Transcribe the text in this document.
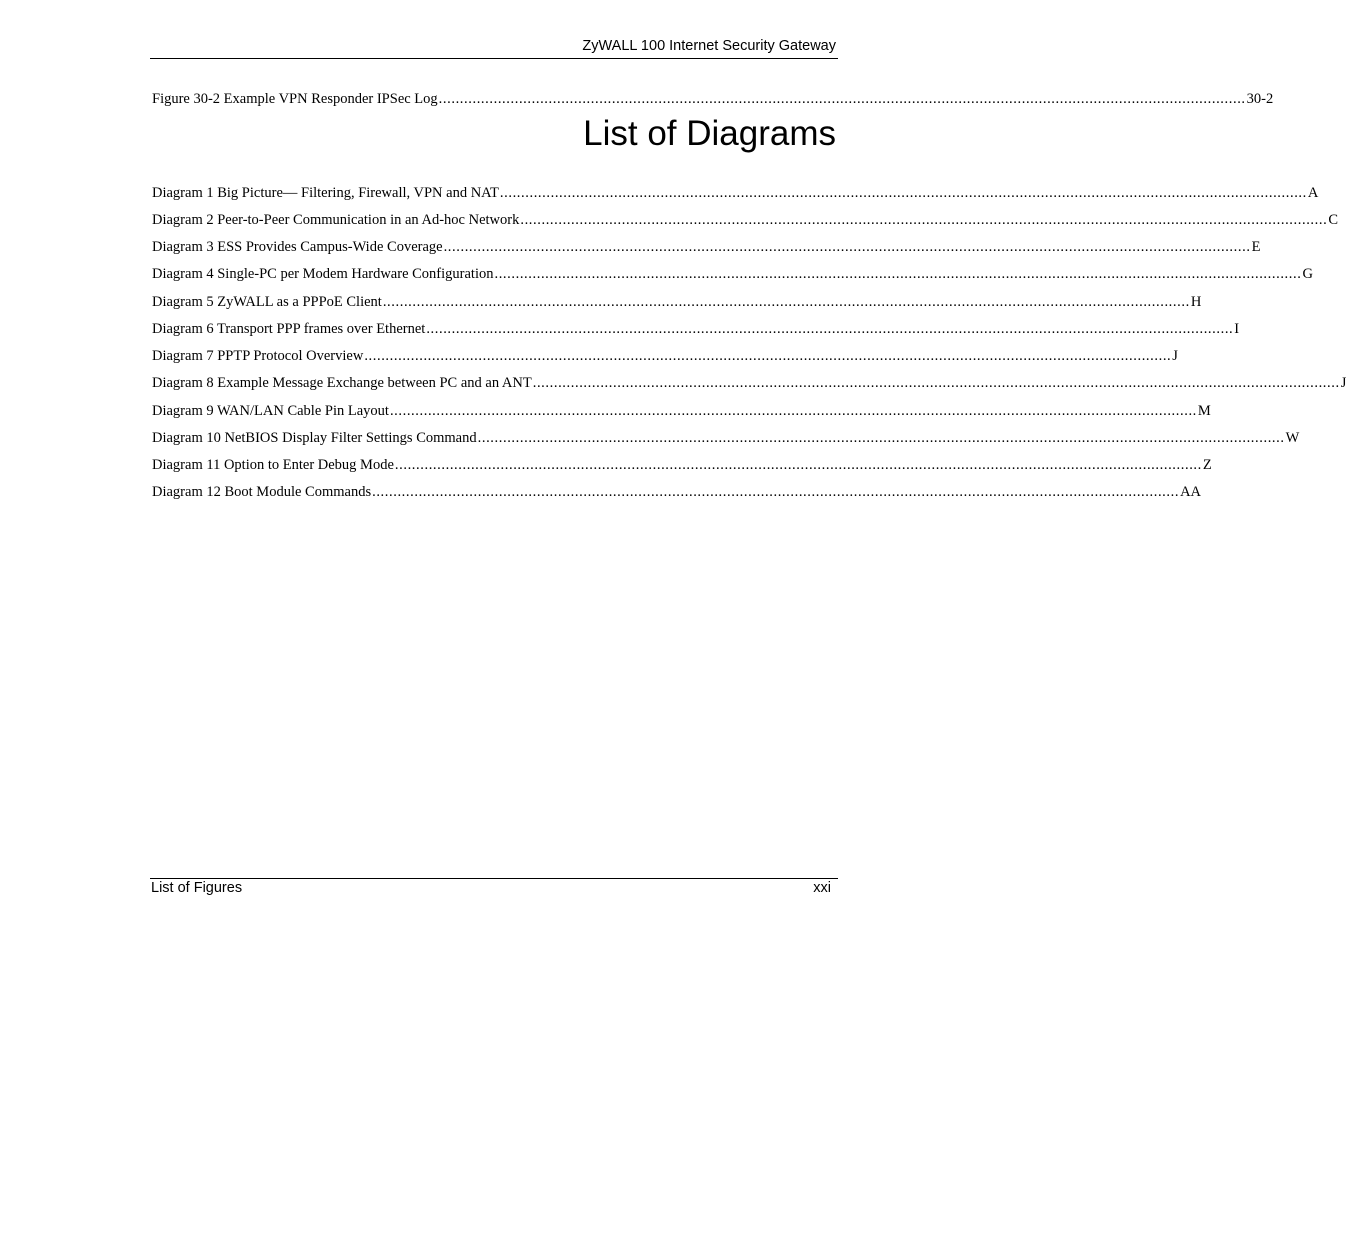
ZyWALL 100 Internet Security Gateway
Figure 30-2 Example VPN Responder IPSec Log ............................................................................................................................................................................................... 30-2
List of Diagrams
Diagram 1 Big Picture— Filtering, Firewall, VPN and NAT ............................................................................................................................................................................................... A
Diagram 2 Peer-to-Peer Communication in an Ad-hoc Network ............................................................................................................................................................................................... C
Diagram 3 ESS Provides Campus-Wide Coverage ............................................................................................................................................................................................... E
Diagram 4 Single-PC per Modem Hardware Configuration ............................................................................................................................................................................................... G
Diagram 5 ZyWALL as a PPPoE Client ............................................................................................................................................................................................... H
Diagram 6 Transport PPP frames over Ethernet ............................................................................................................................................................................................... I
Diagram 7 PPTP Protocol Overview ............................................................................................................................................................................................... J
Diagram 8 Example Message Exchange between PC and an ANT ............................................................................................................................................................................................... J
Diagram 9 WAN/LAN Cable Pin Layout ............................................................................................................................................................................................... M
Diagram 10 NetBIOS Display Filter Settings Command ............................................................................................................................................................................................... W
Diagram 11 Option to Enter Debug Mode ............................................................................................................................................................................................... Z
Diagram 12 Boot Module Commands ............................................................................................................................................................................................... AA
List of Figures	xxi
